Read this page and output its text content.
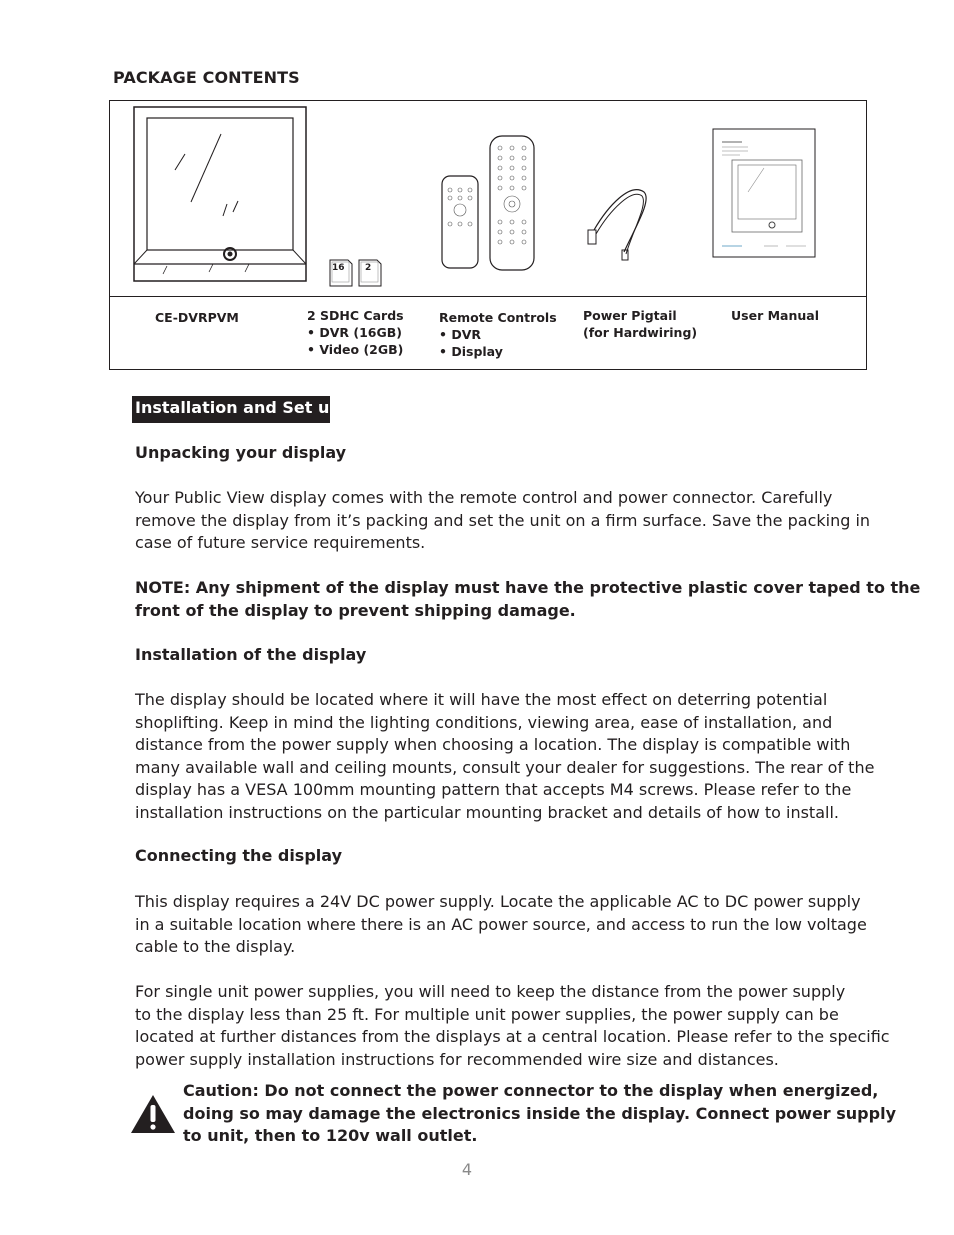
PACKAGE CONTENTS
16 2
CE-DVRPVM	2 SDHC Cards
• DVR (16GB)
• Video (2GB)
Remote Controls
• DVR
• Display
Power Pigtail
(for Hardwiring)
User Manual
Installation and Set up
Unpacking your display
Your Public View display comes with the remote control and power connector. Carefully
remove the display from it’s packing and set the unit on a firm surface. Save the packing in
case of future service requirements.
NOTE: Any shipment of the display must have the protective plastic cover taped to the
front of the display to prevent shipping damage.
Installation of the display
The display should be located where it will have the most effect on deterring potential
shoplifting. Keep in mind the lighting conditions, viewing area, ease of installation, and
distance from the power supply when choosing a location. The display is compatible with
many available wall and ceiling mounts, consult your dealer for suggestions. The rear of the
display has a VESA 100mm mounting pattern that accepts M4 screws. Please refer to the
installation instructions on the particular mounting bracket and details of how to install.
Connecting the display
This display requires a 24V DC power supply. Locate the applicable AC to DC power supply
in a suitable location where there is an AC power source, and access to run the low voltage
cable to the display.
For single unit power supplies, you will need to keep the distance from the power supply
to the display less than 25 ft. For multiple unit power supplies, the power supply can be
located at further distances from the displays at a central location. Please refer to the specific
power supply installation instructions for recommended wire size and distances.
Caution: Do not connect the power connector to the display when energized,
doing so may damage the electronics inside the display. Connect power supply
to unit, then to 120v wall outlet.
4
